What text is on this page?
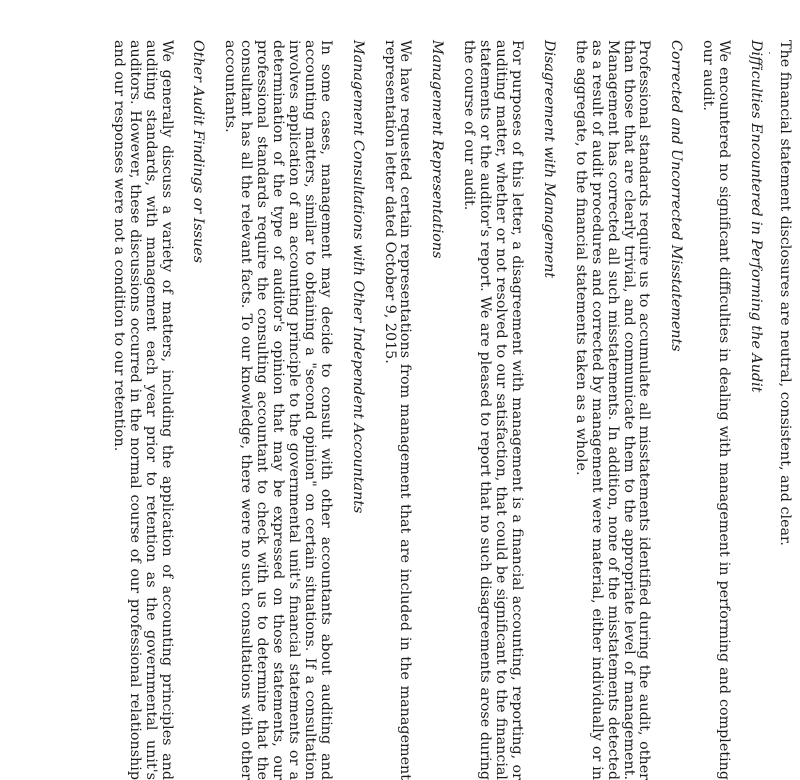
The financial statement disclosures are neutral, consistent, and clear.

Difficulties Encountered in Performing the Audit

We encountered no significant difficulties in dealing with management in performing and completing our audit.

Corrected and Uncorrected Misstatements

Professional standards require us to accumulate all misstatements identified during the audit, other than those that are clearly trivial, and communicate them to the appropriate level of management. Management has corrected all such misstatements. In addition, none of the misstatements detected as a result of audit procedures and corrected by management were material, either individually or in the aggregate, to the financial statements taken as a whole.

Disagreement with Management

For purposes of this letter, a disagreement with management is a financial accounting, reporting, or auditing matter, whether or not resolved to our satisfaction, that could be significant to the financial statements or the auditor's report. We are pleased to report that no such disagreements arose during the course of our audit.

Management Representations

We have requested certain representations from management that are included in the management representation letter dated October 9, 2015.

Management Consultations with Other Independent Accountants

In some cases, management may decide to consult with other accountants about auditing and accounting matters, similar to obtaining a "second opinion" on certain situations. If a consultation involves application of an accounting principle to the governmental unit's financial statements or a determination of the type of auditor's opinion that may be expressed on those statements, our professional standards require the consulting accountant to check with us to determine that the consultant has all the relevant facts. To our knowledge, there were no such consultations with other accountants.

Other Audit Findings or Issues

We generally discuss a variety of matters, including the application of accounting principles and auditing standards, with management each year prior to retention as the governmental unit's auditors. However, these discussions occurred in the normal course of our professional relationship and our responses were not a condition to our retention.
